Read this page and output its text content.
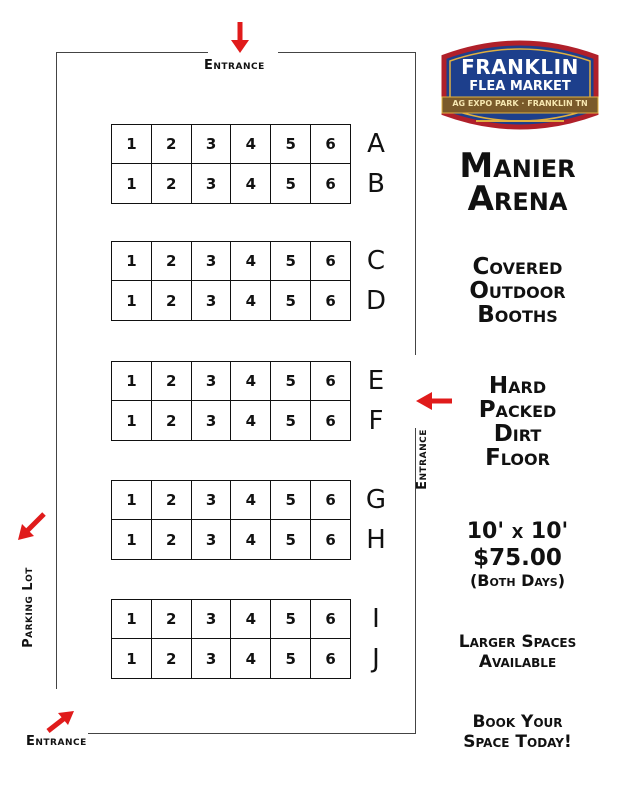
Entrance
Entrance
Parking Lot
Entrance
1	2	3	4	5	6	A
1	2	3	4	5	6	B
1	2	3	4	5	6	C
1	2	3	4	5	6	D
1	2	3	4	5	6	E
1	2	3	4	5	6	F
1	2	3	4	5	6	G
1	2	3	4	5	6	H
1	2	3	4	5	6	I
1	2	3	4	5	6	J
FRANKLIN
FLEA MARKET
AG EXPO PARK · FRANKLIN TN
Manier Arena
Covered Outdoor Booths
Hard Packed Dirt Floor
10' x 10'
$75.00
(Both Days)
Larger Spaces Available
Book Your Space Today!
